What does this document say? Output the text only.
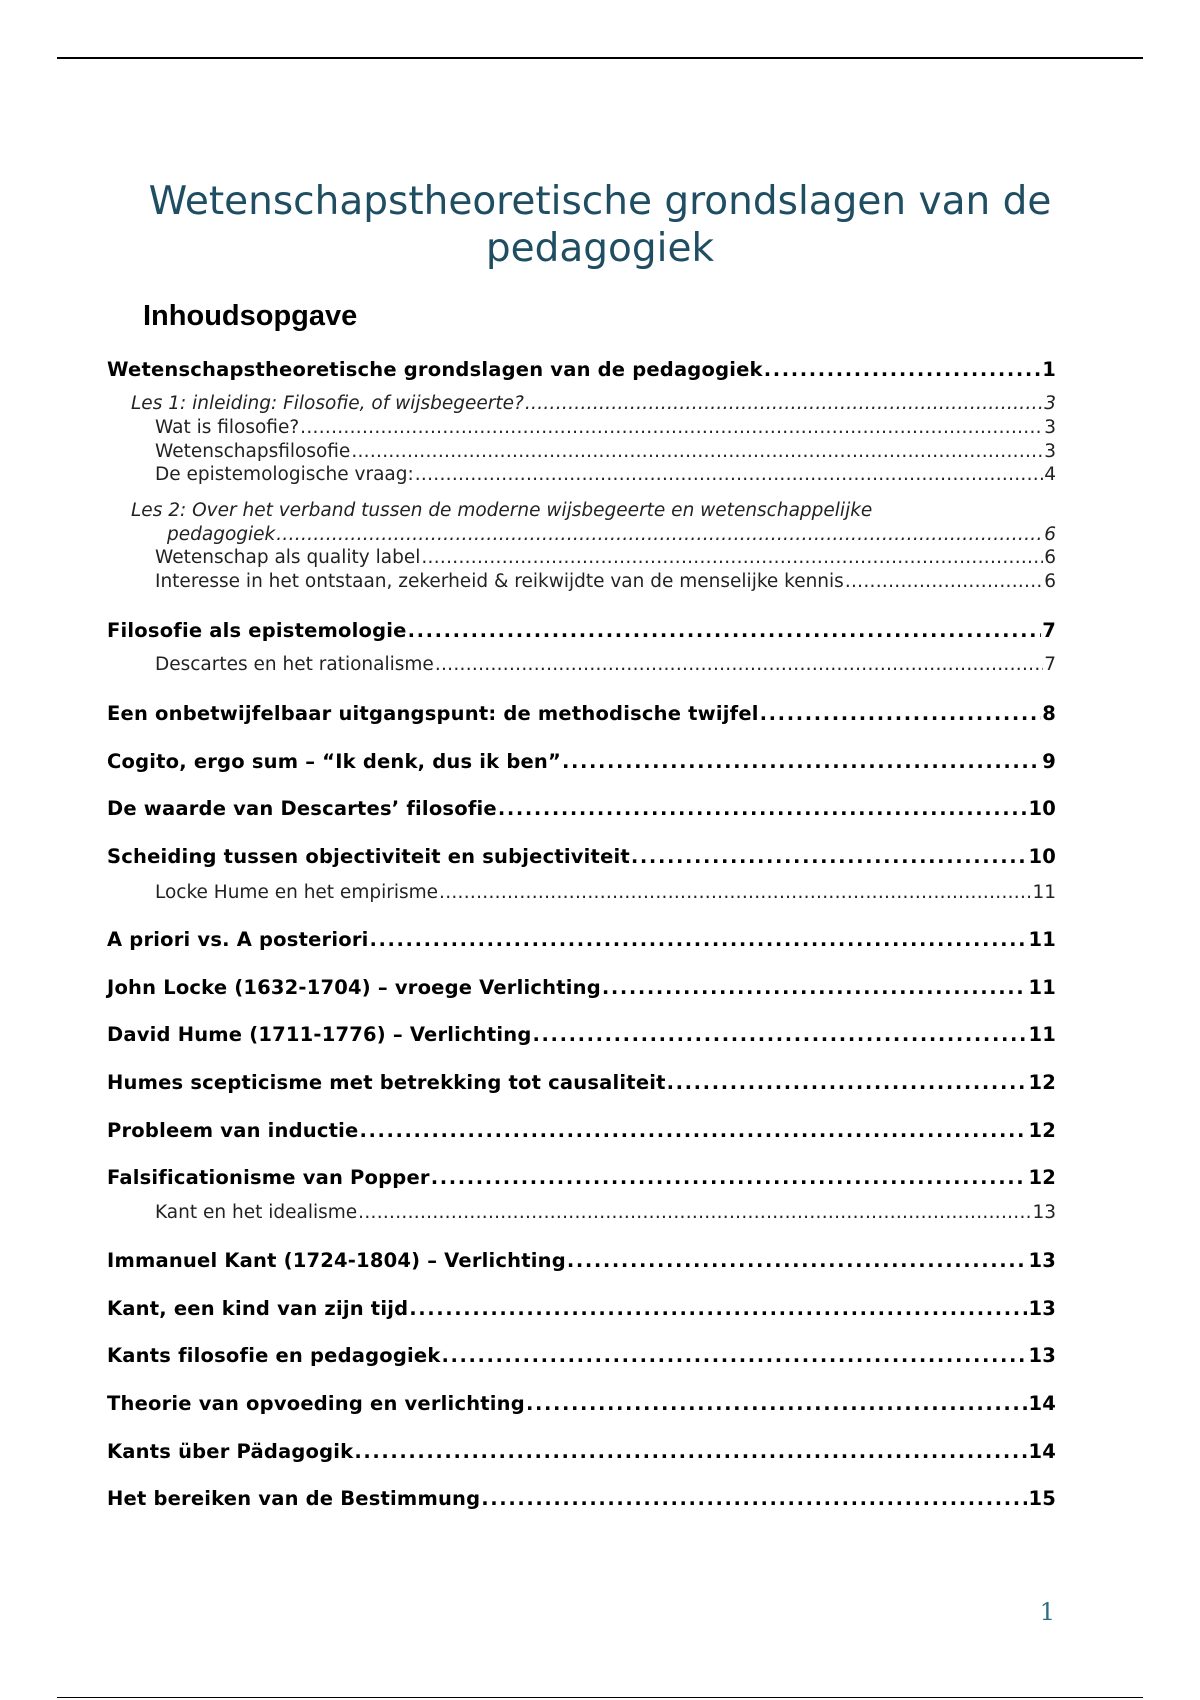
Wetenschapstheoretische grondslagen van de pedagogiek
Inhoudsopgave
Wetenschapstheoretische grondslagen van de pedagogiek .....	1
Les 1: inleiding: Filosofie, of wijsbegeerte? .....	3
Wat is filosofie? .....	3
Wetenschapsfilosofie .....	3
De epistemologische vraag: .....	4
Les 2: Over het verband tussen de moderne wijsbegeerte en wetenschappelijke
pedagogiek .....	6
Wetenschap als quality label .....	6
Interesse in het ontstaan, zekerheid & reikwijdte van de menselijke kennis .....	6
Filosofie als epistemologie .....	7
Descartes en het rationalisme .....	7
Een onbetwijfelbaar uitgangspunt: de methodische twijfel .....	8
Cogito, ergo sum – “Ik denk, dus ik ben” .....	9
De waarde van Descartes’ filosofie .....	10
Scheiding tussen objectiviteit en subjectiviteit .....	10
Locke Hume en het empirisme .....	11
A priori vs. A posteriori .....	11
John Locke (1632-1704) – vroege Verlichting .....	11
David Hume (1711-1776) – Verlichting .....	11
Humes scepticisme met betrekking tot causaliteit .....	12
Probleem van inductie .....	12
Falsificationisme van Popper .....	12
Kant en het idealisme .....	13
Immanuel Kant (1724-1804) – Verlichting .....	13
Kant, een kind van zijn tijd .....	13
Kants filosofie en pedagogiek .....	13
Theorie van opvoeding en verlichting .....	14
Kants über Pädagogik .....	14
Het bereiken van de Bestimmung .....	15
1
